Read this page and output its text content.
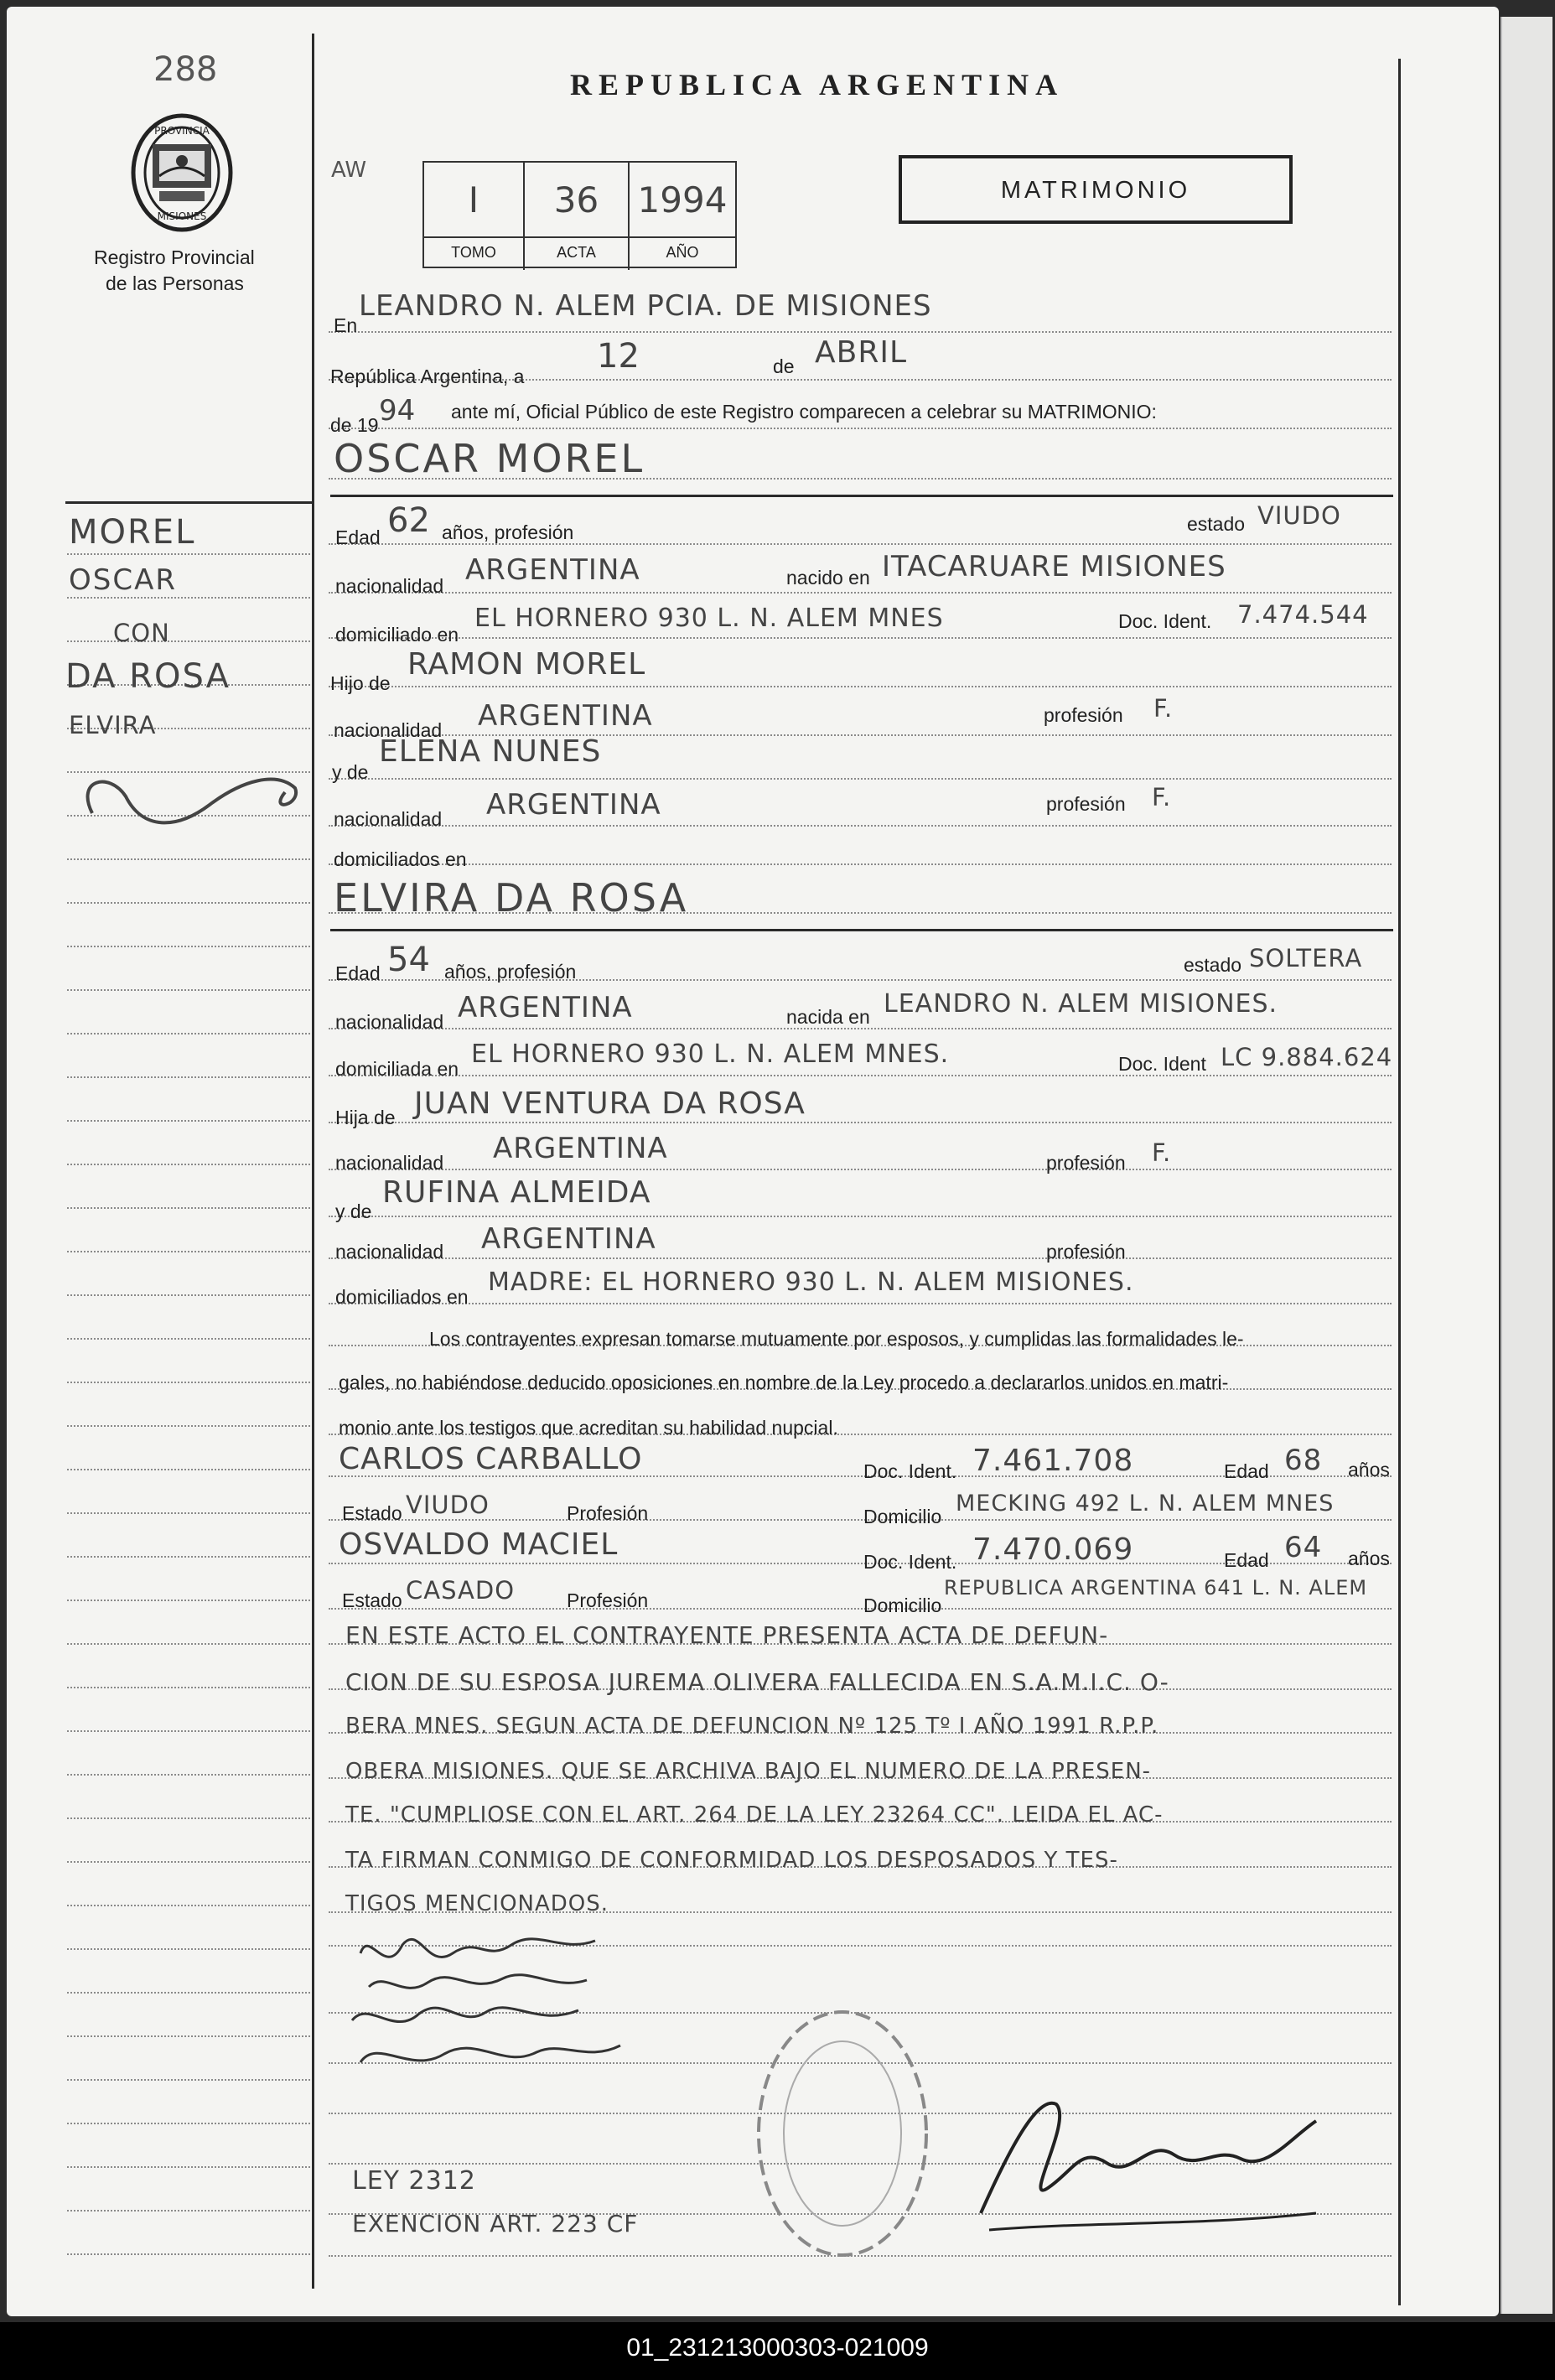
288	REPUBLICA ARGENTINA
PROVINCIA
MISIONES
Registro Provincial
de las Personas
AW
I
TOMO
36
ACTA
1994
AÑO
MATRIMONIO
MOREL
OSCAR
CON
DA ROSA
ELVIRA
En
LEANDRO N. ALEM PCIA. DE MISIONES
República Argentina, a
12	de ABRIL
de 19 94 ante mí, Oficial Público de este Registro comparecen a celebrar su MATRIMONIO:
OSCAR MOREL
Edad 62 años, profesión	estado VIUDO
nacionalidad ARGENTINA	nacido en ITACARUARE MISIONES
domiciliado en
EL HORNERO 930 L. N. ALEM MNES	Doc. Ident. 7.474.544
Hijo de
RAMON MOREL
nacionalidad ARGENTINA	profesión F.
y de
ELENA NUNES
nacionalidad ARGENTINA	profesión F.
domiciliados en
ELVIRA DA ROSA
Edad 54 años, profesión	estado SOLTERA
nacionalidad ARGENTINA	nacida en LEANDRO N. ALEM MISIONES.
domiciliada en EL HORNERO 930 L. N. ALEM MNES.	Doc. Ident LC 9.884.624
Hija de JUAN VENTURA DA ROSA
nacionalidad ARGENTINA	profesión F.
y de
RUFINA ALMEIDA
nacionalidad ARGENTINA	profesión
domiciliados en MADRE: EL HORNERO 930 L. N. ALEM MISIONES.
Los contrayentes expresan tomarse mutuamente por esposos, y cumplidas las formalidades le-
gales, no habiéndose deducido oposiciones en nombre de la Ley procedo a declararlos unidos en matri-
monio ante los testigos que acreditan su habilidad nupcial.
CARLOS CARBALLO	Doc. Ident. 7.461.708	Edad 68 años
Estado VIUDO	Profesión	Domicilio MECKING 492 L. N. ALEM MNES
OSVALDO MACIEL	Doc. Ident. 7.470.069	Edad 64 años
Estado CASADO	Profesión	Domicilio
REPUBLICA ARGENTINA 641 L. N. ALEM
EN ESTE ACTO EL CONTRAYENTE PRESENTA ACTA DE DEFUN-
CION DE SU ESPOSA JUREMA OLIVERA FALLECIDA EN S.A.M.I.C. O-
BERA MNES. SEGUN ACTA DE DEFUNCION Nº 125 Tº I AÑO 1991 R.P.P.
OBERA MISIONES. QUE SE ARCHIVA BAJO EL NUMERO DE LA PRESEN-
TE. "CUMPLIOSE CON EL ART. 264 DE LA LEY 23264 CC". LEIDA EL AC-
TA FIRMAN CONMIGO DE CONFORMIDAD LOS DESPOSADOS Y TES-
TIGOS MENCIONADOS.
LEY 2312
EXENCION ART. 223 CF
01_231213000303-021009
